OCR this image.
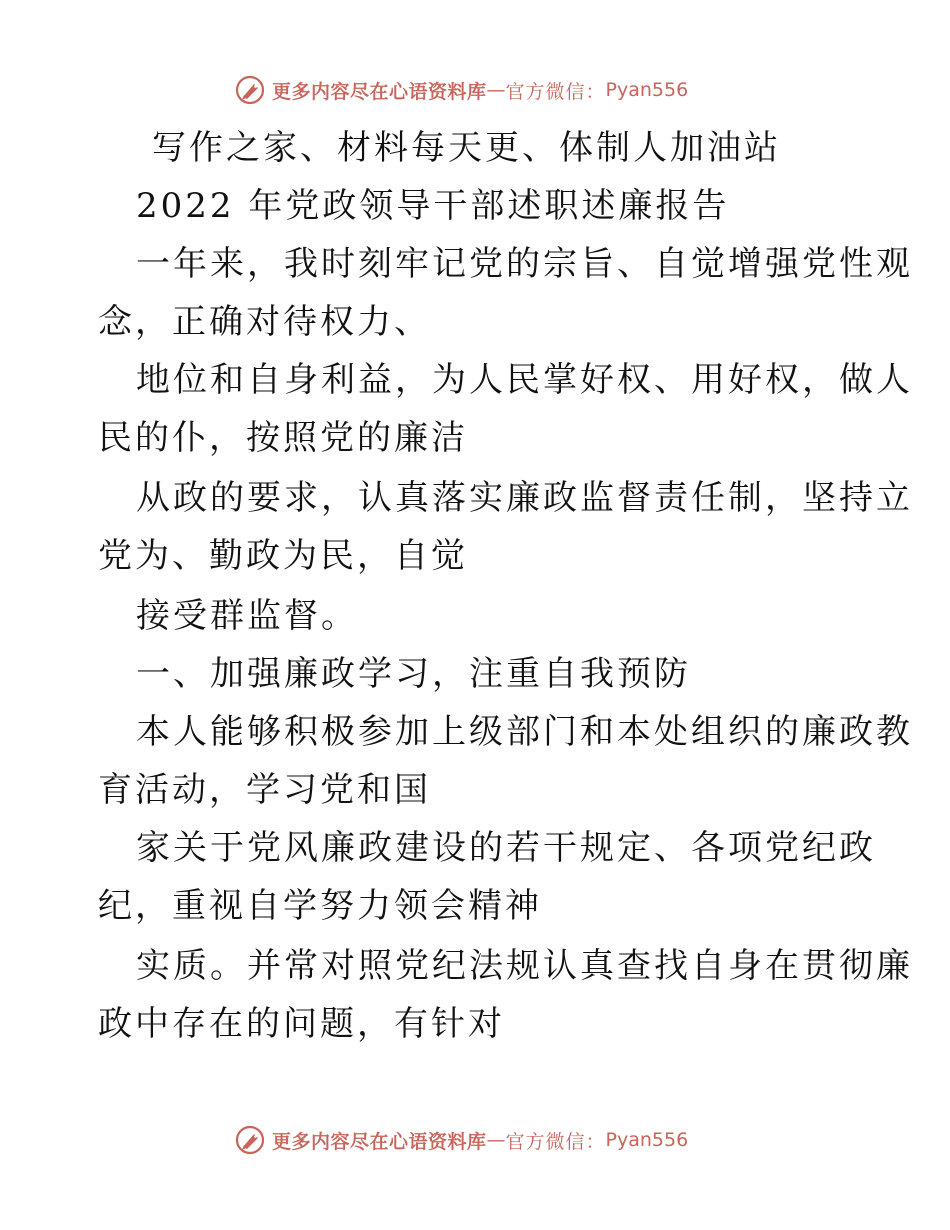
更多内容尽在心语资料库 — 官方微信： Pyan556
写作之家、材料每天更、体制人加油站
2022 年党政领导干部述职述廉报告
一年来，我时刻牢记党的宗旨、自觉增强党性观
念，正确对待权力、
地位和自身利益，为人民掌好权、用好权，做人
民的仆，按照党的廉洁
从政的要求，认真落实廉政监督责任制，坚持立
党为、勤政为民，自觉
接受群监督。
一、加强廉政学习，注重自我预防
本人能够积极参加上级部门和本处组织的廉政教
育活动，学习党和国
家关于党风廉政建设的若干规定、各项党纪政
纪，重视自学努力领会精神
实质。并常对照党纪法规认真查找自身在贯彻廉
政中存在的问题，有针对
更多内容尽在心语资料库 — 官方微信： Pyan556
